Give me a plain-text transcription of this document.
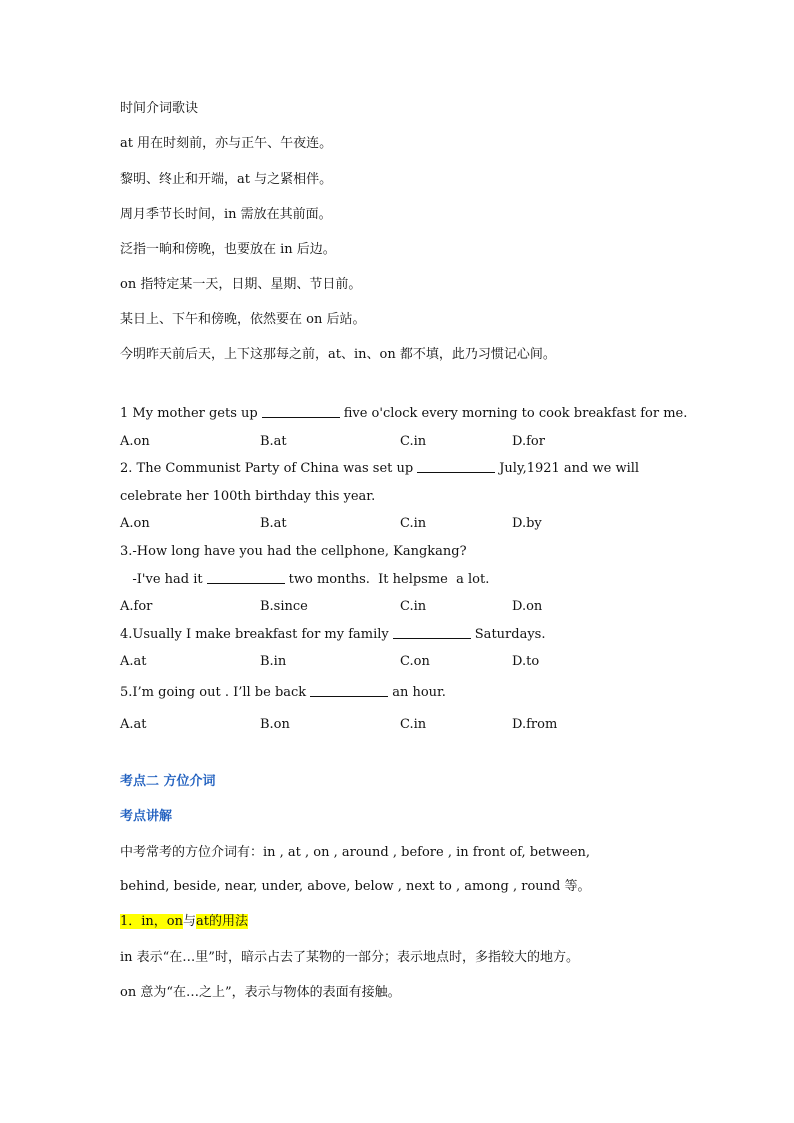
时间介词歌诀
at 用在时刻前，亦与正午、午夜连。
黎明、终止和开端，at 与之紧相伴。
周月季节长时间，in 需放在其前面。
泛指一晌和傍晚，也要放在 in 后边。
on 指特定某一天，日期、星期、节日前。
某日上、下午和傍晚，依然要在 on 后站。
今明昨天前后天，上下这那每之前，at、in、on 都不填，此乃习惯记心间。
1 My mother gets up	five o'clock every morning to cook breakfast for me.
A.on	B.at	C.in	D.for
2. The Communist Party of China was set up	July,1921 and we will
celebrate her 100th birthday this year.
A.on	B.at	C.in	D.by
3.-How long have you had the cellphone, Kangkang?
-I've had it	two months.  It helpsme  a lot.
A.for	B.since	C.in	D.on
4.Usually I make breakfast for my family	Saturdays.
A.at	B.in	C.on	D.to
5.I’m going out . I’ll be back	an hour.
A.at	B.on	C.in	D.from
考点二 方位介词
考点讲解
中考常考的方位介词有：in , at , on , around , before , in front of, between,
behind, beside, near, under, above, below , next to , among , round 等。
1．in，on与at的用法
in 表示“在…里”时，暗示占去了某物的一部分；表示地点时，多指较大的地方。
on 意为“在…之上”，表示与物体的表面有接触。
